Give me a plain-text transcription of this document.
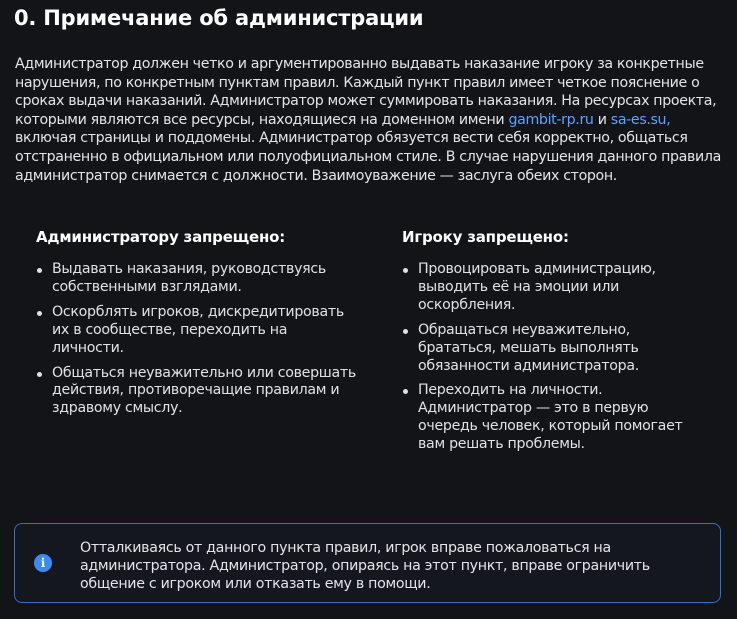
0. Примечание об администрации

Администратор должен четко и аргументированно выдавать наказание игроку за конкретные нарушения, по конкретным пунктам правил. Каждый пункт правил имеет четкое пояснение о сроках выдачи наказаний. Администратор может суммировать наказания. На ресурсах проекта, которыми являются все ресурсы, находящиеся на доменном имени gambit-rp.ru и sa-es.su, включая страницы и поддомены. Администратор обязуется вести себя корректно, общаться отстраненно в официальном или полуофициальном стиле. В случае нарушения данного правила администратор снимается с должности. Взаимоуважение — заслуга обеих сторон.

Администратору запрещено:
Выдавать наказания, руководствуясь собственными взглядами.
Оскорблять игроков, дискредитировать их в сообществе, переходить на личности.
Общаться неуважительно или совершать действия, противоречащие правилам и здравому смыслу.
Игроку запрещено:
Провоцировать администрацию, выводить её на эмоции или оскорбления.
Обращаться неуважительно, брататься, мешать выполнять обязанности администратора.
Переходить на личности. Администратор — это в первую очередь человек, который помогает вам решать проблемы.
i

Отталкиваясь от данного пункта правил, игрок вправе пожаловаться на администратора. Администратор, опираясь на этот пункт, вправе ограничить общение с игроком или отказать ему в помощи.
